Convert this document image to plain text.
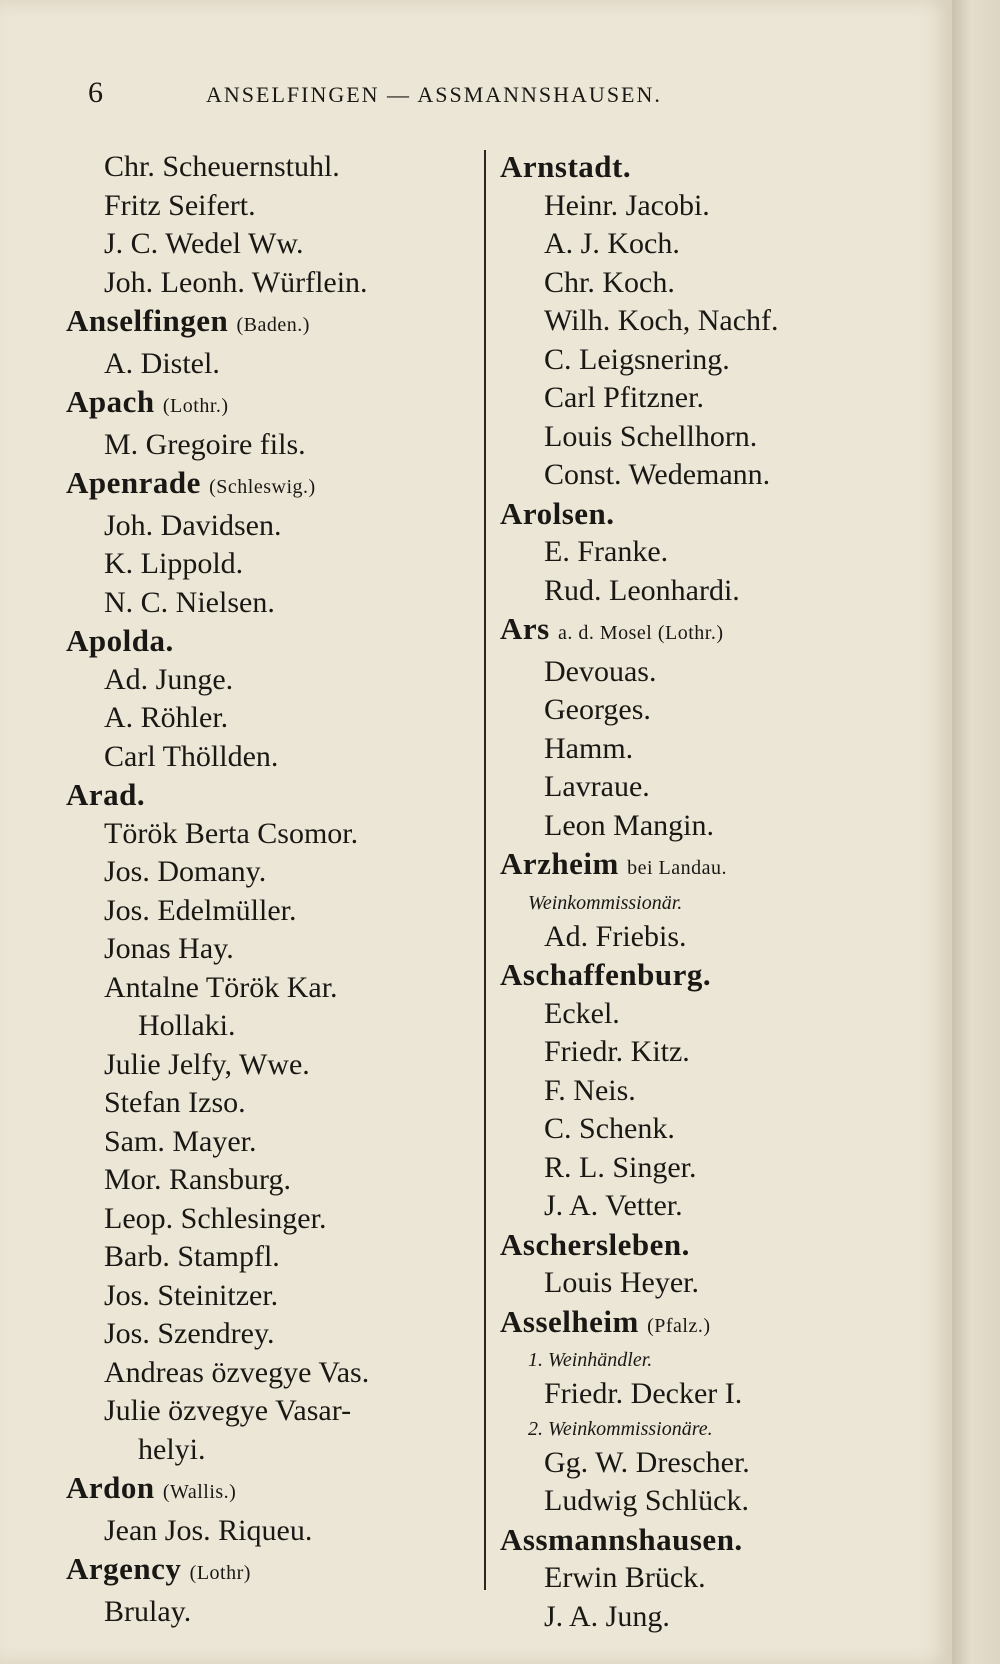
6	ANSELFINGEN — ASSMANNSHAUSEN.
Chr. Scheuernstuhl.
Fritz Seifert.
J. C. Wedel Ww.
Joh. Leonh. Würflein.
Anselfingen (Baden.)
A. Distel.
Apach (Lothr.)
M. Gregoire fils.
Apenrade (Schleswig.)
Joh. Davidsen.
K. Lippold.
N. C. Nielsen.
Apolda.
Ad. Junge.
A. Röhler.
Carl Thöllden.
Arad.
Török Berta Csomor.
Jos. Domany.
Jos. Edelmüller.
Jonas Hay.
Antalne Török Kar.
Hollaki.
Julie Jelfy, Wwe.
Stefan Izso.
Sam. Mayer.
Mor. Ransburg.
Leop. Schlesinger.
Barb. Stampfl.
Jos. Steinitzer.
Jos. Szendrey.
Andreas özvegye Vas.
Julie özvegye Vasar-
helyi.
Ardon (Wallis.)
Jean Jos. Riqueu.
Argency (Lothr)
Brulay.
Arnstadt.
Heinr. Jacobi.
A. J. Koch.
Chr. Koch.
Wilh. Koch, Nachf.
C. Leigsnering.
Carl Pfitzner.
Louis Schellhorn.
Const. Wedemann.
Arolsen.
E. Franke.
Rud. Leonhardi.
Ars a. d. Mosel (Lothr.)
Devouas.
Georges.
Hamm.
Lavraue.
Leon Mangin.
Arzheim bei Landau.
Weinkommissionär.
Ad. Friebis.
Aschaffenburg.
Eckel.
Friedr. Kitz.
F. Neis.
C. Schenk.
R. L. Singer.
J. A. Vetter.
Aschersleben.
Louis Heyer.
Asselheim (Pfalz.)
1. Weinhändler.
Friedr. Decker I.
2. Weinkommissionäre.
Gg. W. Drescher.
Ludwig Schlück.
Assmannshausen.
Erwin Brück.
J. A. Jung.
